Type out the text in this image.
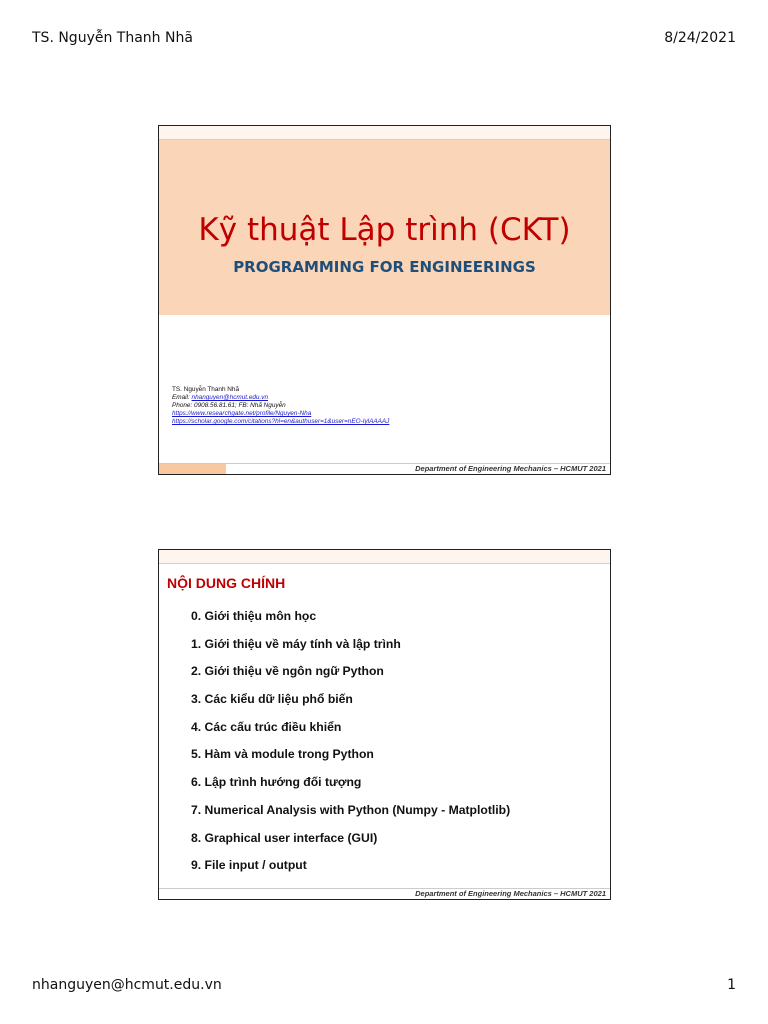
TS. Nguyễn Thanh Nhã	8/24/2021
Kỹ thuật Lập trình (CKT)
PROGRAMMING FOR ENGINEERINGS
TS. Nguyễn Thanh Nhã
Email: nhanguyen@hcmut.edu.vn
Phone: 0908.56.81.61; FB: Nhã Nguyễn
https://www.researchgate.net/profile/Nguyen-Nha
https://scholar.google.com/citations?hl=en&authuser=1&user=nEO-IylAAAAJ
Department of Engineering Mechanics – HCMUT 2021
NỘI DUNG CHÍNH
0. Giới thiệu môn học
1. Giới thiệu về máy tính và lập trình
2. Giới thiệu về ngôn ngữ Python
3. Các kiểu dữ liệu phổ biến
4. Các cấu trúc điều khiển
5. Hàm và module trong Python
6. Lập trình hướng đối tượng
7. Numerical Analysis with Python (Numpy - Matplotlib)
8. Graphical user interface (GUI)
9. File input / output
Department of Engineering Mechanics – HCMUT 2021
nhanguyen@hcmut.edu.vn	1
